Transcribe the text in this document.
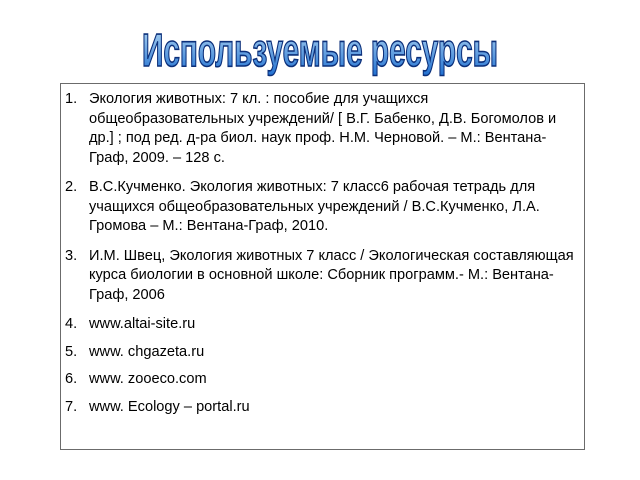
Используемые ресурсы
1. Экология животных: 7 кл. : пособие для учащихся общеобразовательных учреждений/ [ В.Г. Бабенко, Д.В. Богомолов и др.] ; под ред. д-ра биол. наук проф. Н.М. Черновой. – М.: Вентана-Граф, 2009. – 128 с.
2. В.С.Кучменко. Экология животных: 7 класс6 рабочая тетрадь для учащихся общеобразовательных учреждений / В.С.Кучменко, Л.А. Громова – М.: Вентана-Граф, 2010.
3. И.М. Швец, Экология животных 7 класс / Экологическая составляющая курса биологии в основной школе: Сборник программ.- М.: Вентана-Граф, 2006
4. www.altai-site.ru
5. www. chgazeta.ru
6. www. zooeco.com
7. www. Ecology – portal.ru
